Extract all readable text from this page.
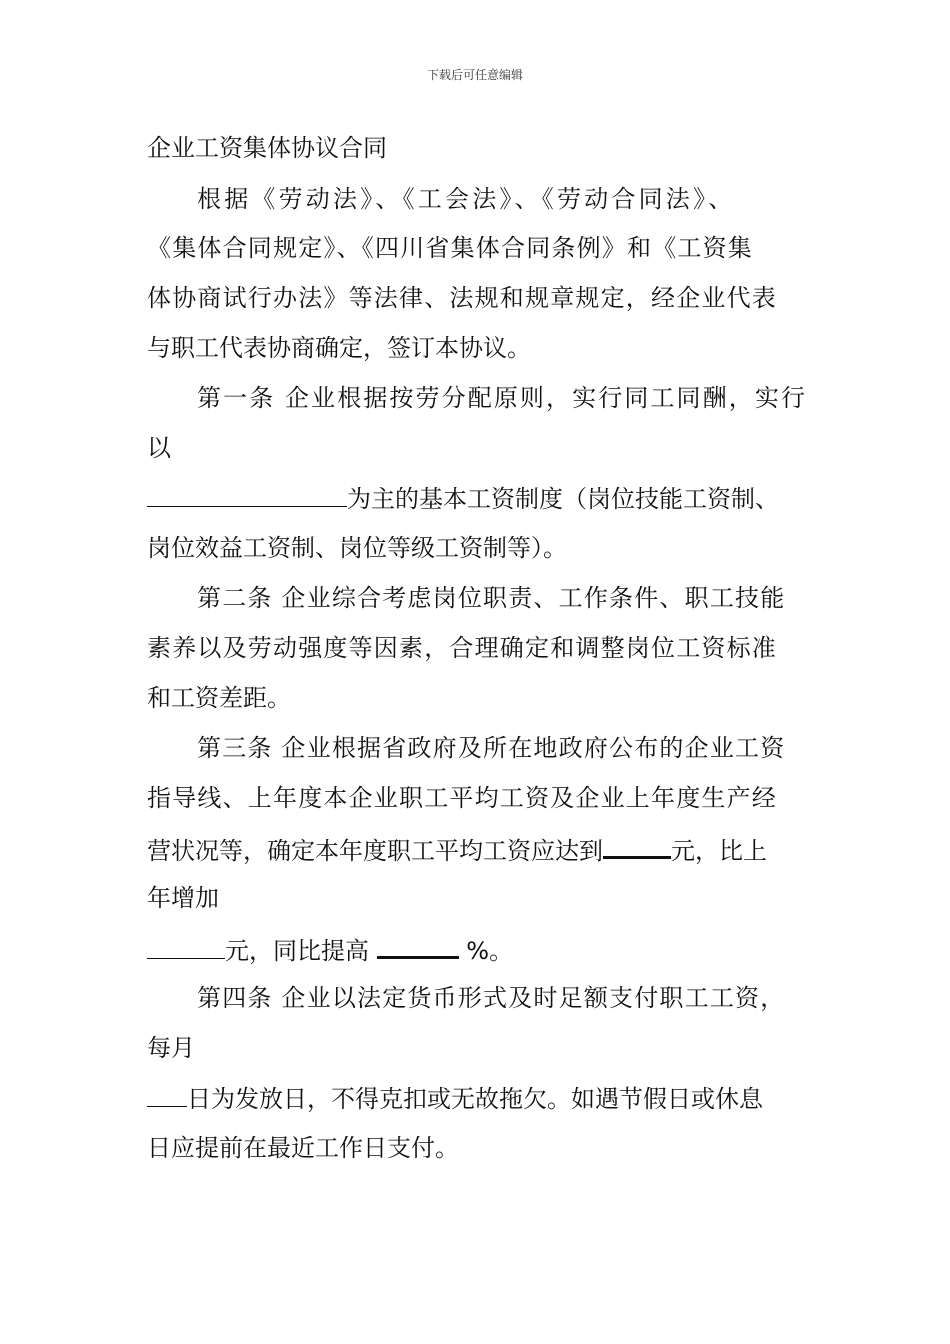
下载后可任意编辑
企业工资集体协议合同
根据《劳动法》、《工会法》、《劳动合同法》、
《集体合同规定》、《四川省集体合同条例》和《工资集
体协商试行办法》等法律、法规和规章规定，经企业代表
与职工代表协商确定，签订本协议。
第一条 企业根据按劳分配原则，实行同工同酬，实行
以
为主的基本工资制度（岗位技能工资制、
岗位效益工资制、岗位等级工资制等）。
第二条 企业综合考虑岗位职责、工作条件、职工技能
素养以及劳动强度等因素，合理确定和调整岗位工资标准
和工资差距。
第三条 企业根据省政府及所在地政府公布的企业工资
指导线、上年度本企业职工平均工资及企业上年度生产经
营状况等，确定本年度职工平均工资应达到	元，比上
年增加
元，同比提高	%。
第四条 企业以法定货币形式及时足额支付职工工资，
每月
日为发放日，不得克扣或无故拖欠。如遇节假日或休息
日应提前在最近工作日支付。
